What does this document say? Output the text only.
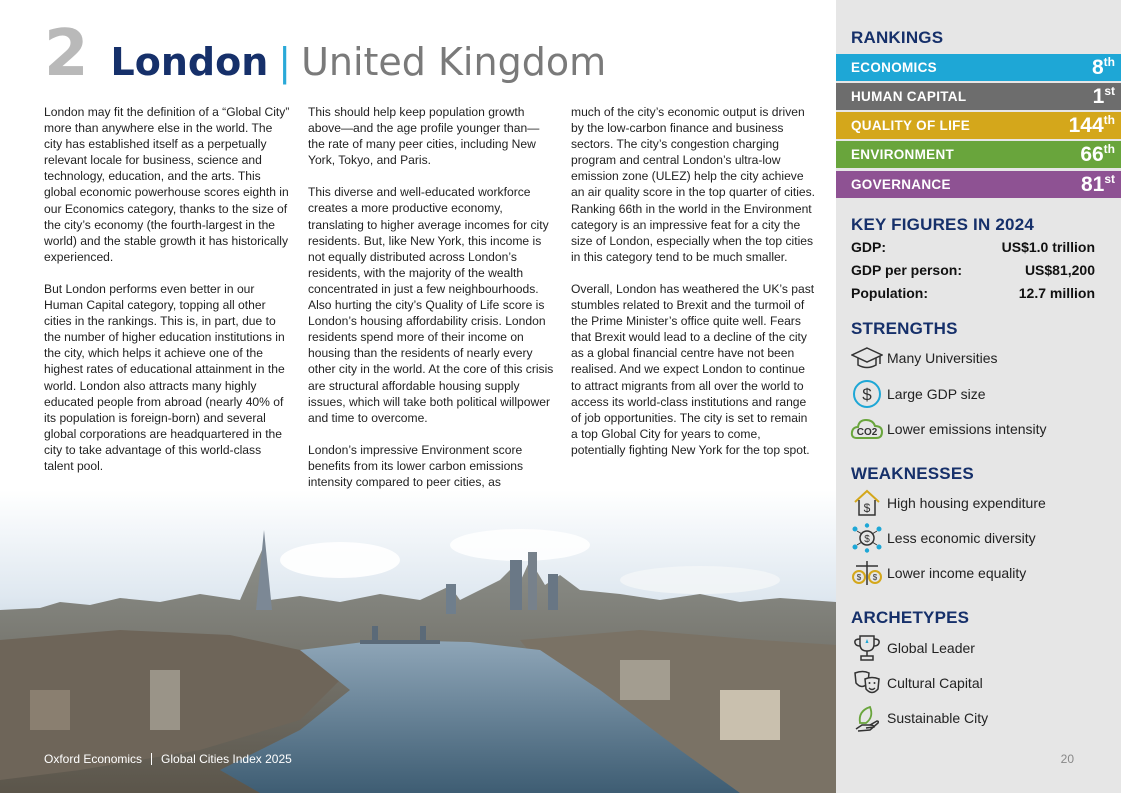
2 London | United Kingdom

London may fit the definition of a “Global City” more than anywhere else in the world. The city has established itself as a perpetually relevant locale for business, science and technology, education, and the arts. This global economic powerhouse scores eighth in our Economics category, thanks to the size of the city’s economy (the fourth-largest in the world) and the stable growth it has historically experienced.

But London performs even better in our Human Capital category, topping all other cities in the rankings. This is, in part, due to the number of higher education institutions in the city, which helps it achieve one of the highest rates of educational attainment in the world. London also attracts many highly educated people from abroad (nearly 40% of its population is foreign-born) and several global corporations are headquartered in the city to take advantage of this world-class talent pool.

This should help keep population growth above—and the age profile younger than—the rate of many peer cities, including New York, Tokyo, and Paris.

This diverse and well-educated workforce creates a more productive economy, translating to higher average incomes for city residents. But, like New York, this income is not equally distributed across London’s residents, with the majority of the wealth concentrated in just a few neighbourhoods. Also hurting the city’s Quality of Life score is London’s housing affordability crisis. London residents spend more of their income on housing than the residents of nearly every other city in the world. At the core of this crisis are structural affordable housing supply issues, which will take both political willpower and time to overcome.

London’s impressive Environment score benefits from its lower carbon emissions intensity compared to peer cities, as

much of the city’s economic output is driven by the low-carbon finance and business sectors. The city’s congestion charging program and central London’s ultra-low emission zone (ULEZ) help the city achieve an air quality score in the top quarter of cities. Ranking 66th in the world in the Environment category is an impressive feat for a city the size of London, especially when the top cities in this category tend to be much smaller.

Overall, London has weathered the UK’s past stumbles related to Brexit and the turmoil of the Prime Minister’s office quite well. Fears that Brexit would lead to a decline of the city as a global financial centre have not been realised. And we expect London to continue to attract migrants from all over the world to access its world-class institutions and range of job opportunities. The city is set to remain a top Global City for years to come, potentially fighting New York for the top spot.

Oxford Economics Global Cities Index 2025
RANKINGS
ECONOMICS	8th
HUMAN CAPITAL	1st
QUALITY OF LIFE	144th
ENVIRONMENT	66th
GOVERNANCE	81st
KEY FIGURES IN 2024
GDP:	US$1.0 trillion
GDP per person:	US$81,200
Population:	12.7 million
STRENGTHS
Many Universities
$ Large GDP size
CO2 Lower emissions intensity
WEAKNESSES
$ High housing expenditure
$ Less economic diversity
$ $ Lower income equality
ARCHETYPES
Global Leader
Cultural Capital
Sustainable City
20
